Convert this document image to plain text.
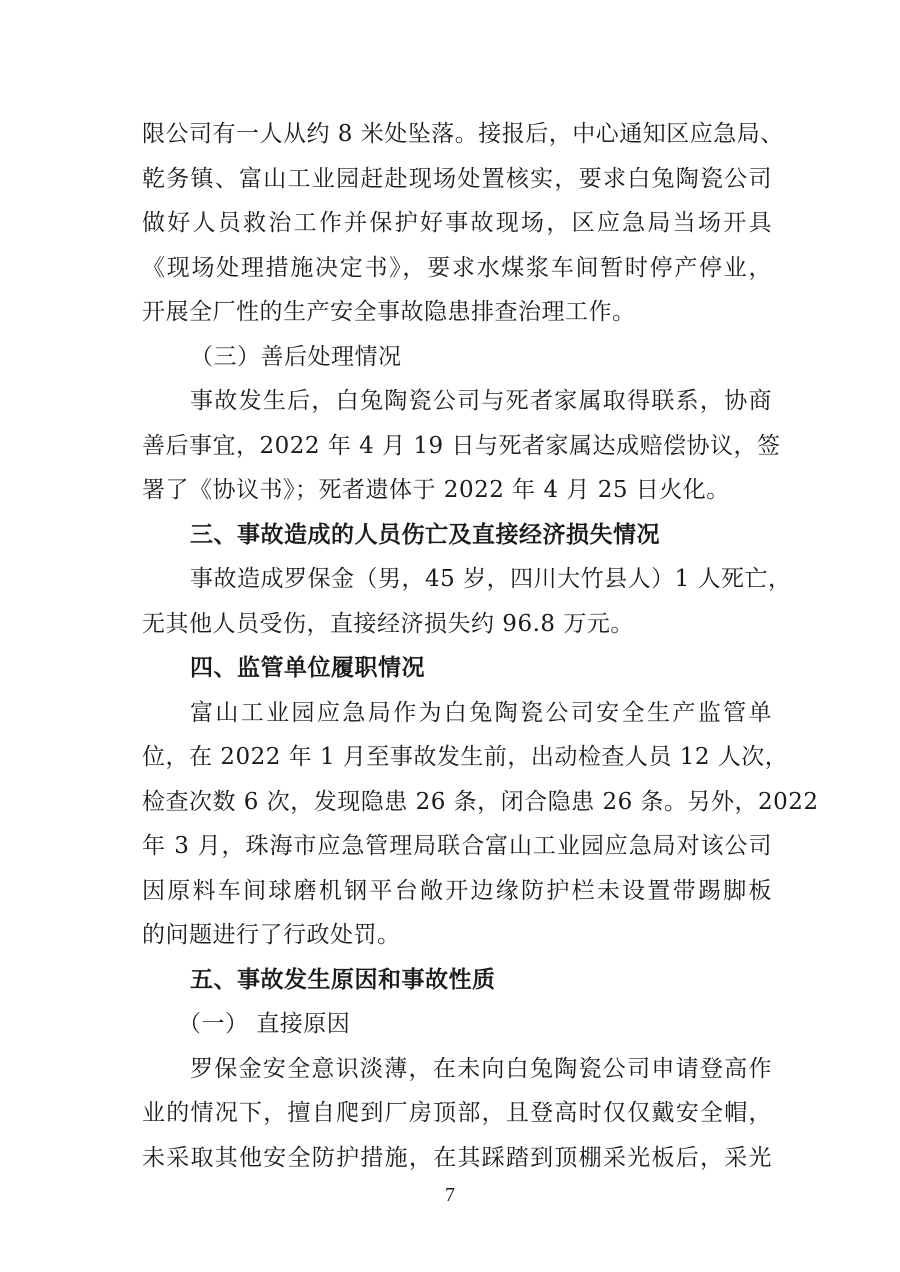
限公司有一人从约 8 米处坠落。接报后，中心通知区应急局、
乾务镇、富山工业园赶赴现场处置核实，要求白兔陶瓷公司
做好人员救治工作并保护好事故现场，区应急局当场开具
《现场处理措施决定书》，要求水煤浆车间暂时停产停业，
开展全厂性的生产安全事故隐患排查治理工作。
（三）善后处理情况
事故发生后，白兔陶瓷公司与死者家属取得联系，协商
善后事宜，2022 年 4 月 19 日与死者家属达成赔偿协议，签
署了《协议书》；死者遗体于 2022 年 4 月 25 日火化。
三、事故造成的人员伤亡及直接经济损失情况
事故造成罗保金（男，45 岁，四川大竹县人）1 人死亡，
无其他人员受伤，直接经济损失约 96.8 万元。
四、监管单位履职情况
富山工业园应急局作为白兔陶瓷公司安全生产监管单
位，在 2022 年 1 月至事故发生前，出动检查人员 12 人次，
检查次数 6 次，发现隐患 26 条，闭合隐患 26 条。另外，2022
年 3 月，珠海市应急管理局联合富山工业园应急局对该公司
因原料车间球磨机钢平台敞开边缘防护栏未设置带踢脚板
的问题进行了行政处罚。
五、事故发生原因和事故性质
（一） 直接原因
罗保金安全意识淡薄，在未向白兔陶瓷公司申请登高作
业的情况下，擅自爬到厂房顶部，且登高时仅仅戴安全帽，
未采取其他安全防护措施，在其踩踏到顶棚采光板后，采光
7
